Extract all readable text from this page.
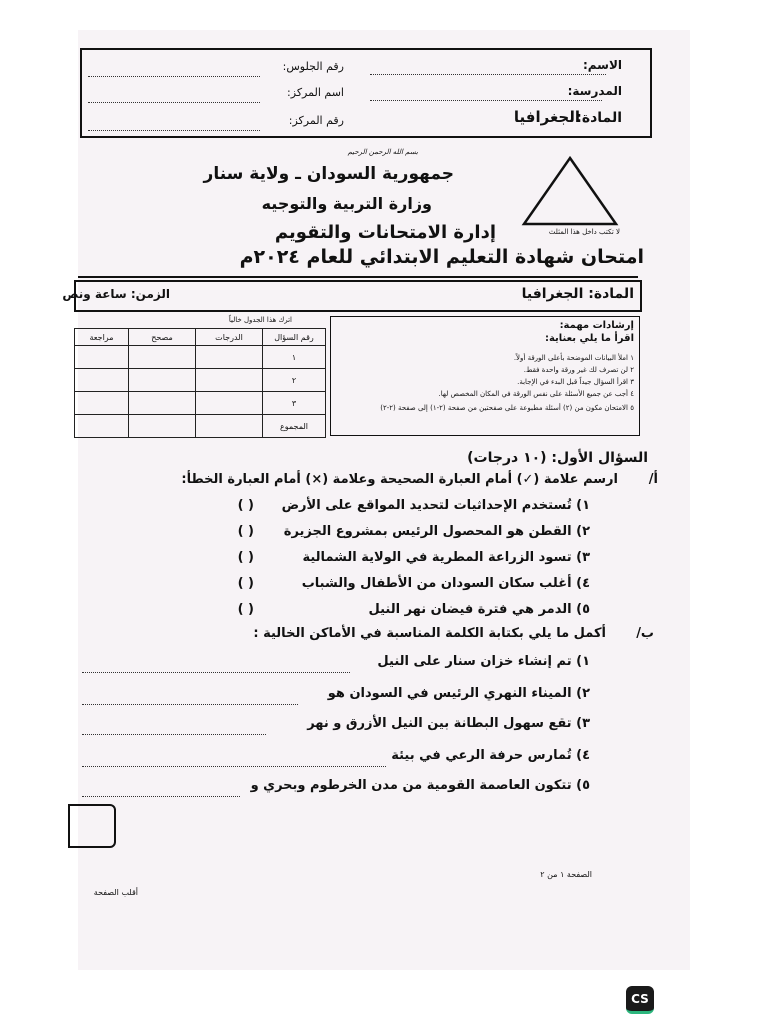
الاسم:
المدرسة:
المادة:
الجغرافيا
رقم الجلوس:
اسم المركز:
رقم المركز:
بسم الله الرحمن الرحيم
جمهورية السودان ـ ولاية سنار
وزارة التربية والتوجيه
إدارة الامتحانات والتقويم	لا تكتب داخل هذا المثلث
امتحان شهادة التعليم الابتدائي للعام ٢٠٢٤م
المادة: الجغرافيا
الزمن: ساعة ونص
إرشادات مهمة:
اقرأ ما يلي بعناية:
١ املأ البيانات الموضحة بأعلى الورقة أولاً.
٢ لن تصرف لك غير ورقة واحدة فقط.
٣ اقرأ السؤال جيداً قبل البدء في الإجابة.
٤ أجب عن جميع الأسئلة على نفس الورقة في المكان المخصص لها.
٥ الامتحان مكون من (٢) أسئلة مطبوعة على صفحتين من صفحة (٢-١) إلى صفحة (٢-٢)
اترك هذا الجدول خالياً
رقم السؤال	الدرجات	مصحح	مراجعة
١			
٢			
٣			
المجموع			
السؤال الأول: (١٠ درجات)
أ/
ارسم علامة (✓) أمام العبارة الصحيحة وعلامة (×) أمام العبارة الخطأ:
١) تُستخدم الإحداثيات لتحديد المواقع على الأرض
( )
٢) القطن هو المحصول الرئيس بمشروع الجزيرة
( )
٣) تسود الزراعة المطرية في الولاية الشمالية
( )
٤) أغلب سكان السودان من الأطفال والشباب
( )
٥) الدمر هي فترة فيضان نهر النيل
( )
ب/
أكمل ما يلي بكتابة الكلمة المناسبة في الأماكن الخالية :
١) تم إنشاء خزان سنار على النيل
٢) الميناء النهري الرئيس في السودان هو
٣) تقع سهول البطانة بين النيل الأزرق و نهر
٤) تُمارس حرفة الرعي في بيئة
٥) تتكون العاصمة القومية من مدن الخرطوم وبحري و
الصفحة ١ من ٢
أقلب الصفحة
CS
